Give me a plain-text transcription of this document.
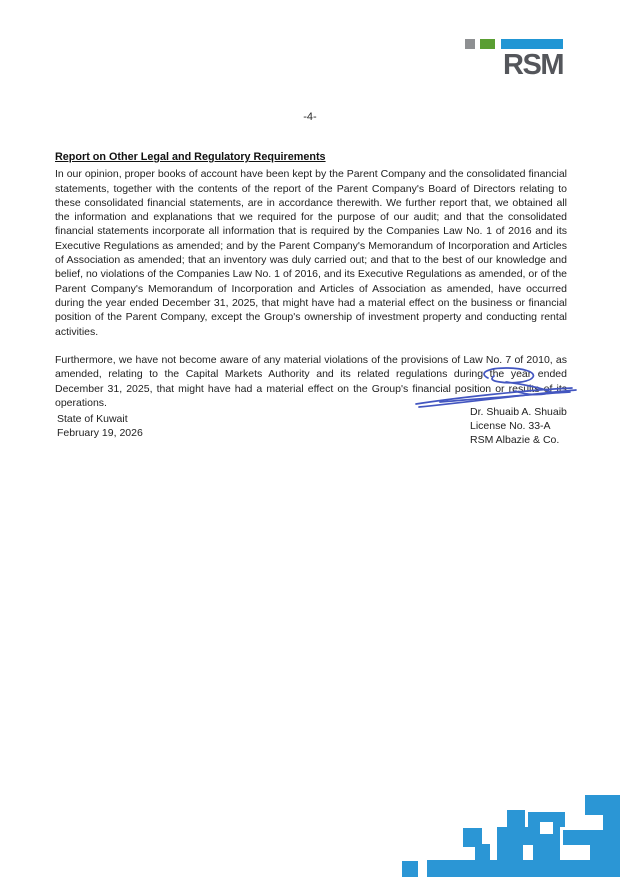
RSM
-4-
Report on Other Legal and Regulatory Requirements

In our opinion, proper books of account have been kept by the Parent Company and the consolidated financial statements, together with the contents of the report of the Parent Company's Board of Directors relating to these consolidated financial statements, are in accordance therewith. We further report that, we obtained all the information and explanations that we required for the purpose of our audit; and that the consolidated financial statements incorporate all information that is required by the Companies Law No. 1 of 2016 and its Executive Regulations as amended; and by the Parent Company's Memorandum of Incorporation and Articles of Association as amended; that an inventory was duly carried out; and that to the best of our knowledge and belief, no violations of the Companies Law No. 1 of 2016, and its Executive Regulations as amended, or of the Parent Company's Memorandum of Incorporation and Articles of Association as amended, have occurred during the year ended December 31, 2025, that might have had a material effect on the business or financial position of the Parent Company, except the Group's ownership of investment property and conducting rental activities.

Furthermore, we have not become aware of any material violations of the provisions of Law No. 7 of 2010, as amended, relating to the Capital Markets Authority and its related regulations during the year ended December 31, 2025, that might have had a material effect on the Group's financial position or results of its operations.

Dr. Shuaib A. Shuaib
License No. 33-A
RSM Albazie & Co.
State of Kuwait
February 19, 2026
